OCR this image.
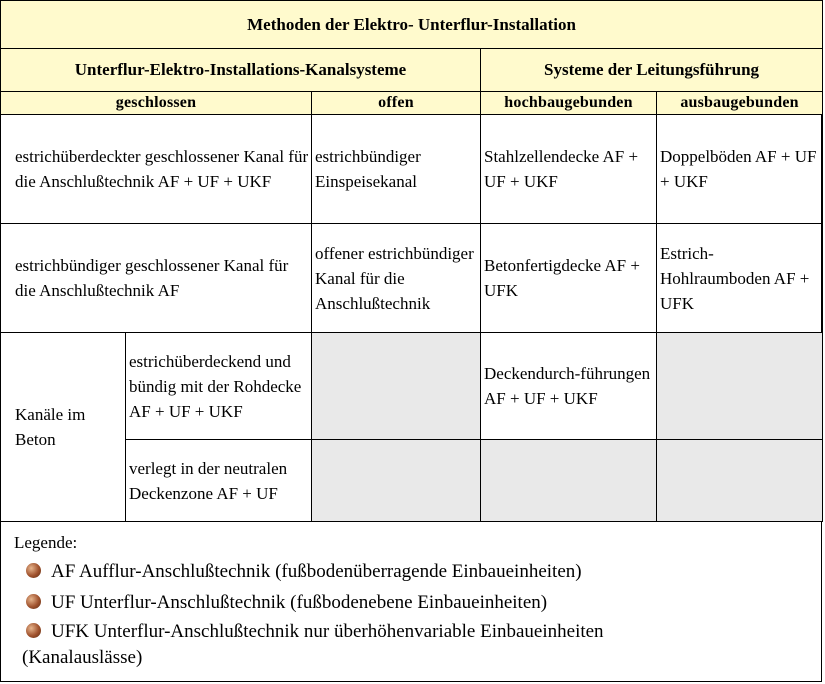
Methoden der Elektro- Unterflur-Installation				
Unterflur-Elektro-Installations-Kanalsysteme			Systeme der Leitungsführung	
geschlossen		offen	hochbaugebunden	ausbaugebunden
estrichüberdeckter geschlossener Kanal für die Anschlußtechnik AF + UF + UKF		estrichbündiger Einspeisekanal	Stahlzellendecke AF + UF + UKF	Doppelböden AF + UF + UKF
estrichbündiger geschlossener Kanal für die Anschlußtechnik AF		offener estrichbündiger Kanal für die Anschlußtechnik	Betonfertigdecke AF + UFK	Estrich-Hohlraumboden AF + UFK
Kanäle im Beton	estrichüberdeckend und bündig mit der Rohdecke AF + UF + UKF		Deckendurch-führungen AF + UF + UKF	
	verlegt in der neutralen Deckenzone AF + UF			
Legende:
AF Aufflur-Anschlußtechnik (fußbodenüberragende Einbaueinheiten)
UF Unterflur-Anschlußtechnik (fußbodenebene Einbaueinheiten)
UFK Unterflur-Anschlußtechnik nur überhöhenvariable Einbaueinheiten
(Kanalauslässe)
